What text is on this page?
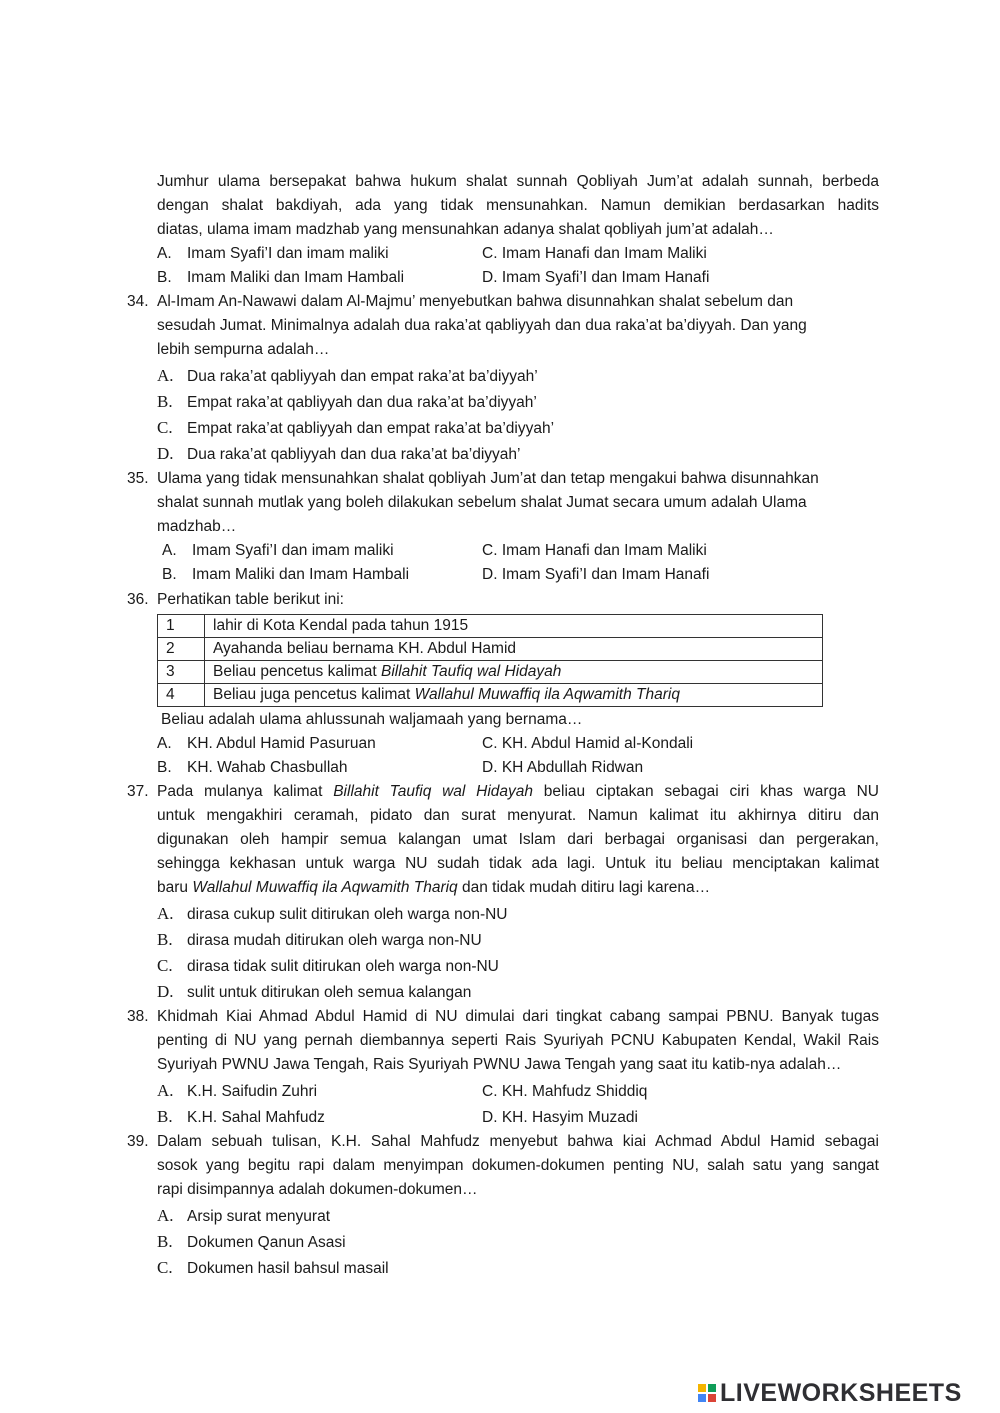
Jumhur ulama bersepakat bahwa hukum shalat sunnah Qobliyah Jum’at adalah sunnah, berbeda
dengan shalat bakdiyah, ada yang tidak mensunahkan. Namun demikian berdasarkan hadits
diatas, ulama imam madzhab yang mensunahkan adanya shalat qobliyah jum’at adalah…
A. Imam Syafi’I dan imam maliki	C. Imam Hanafi dan Imam Maliki
B. Imam Maliki dan Imam Hambali	D. Imam Syafi’I dan Imam Hanafi
34. Al-Imam An-Nawawi dalam Al-Majmu’ menyebutkan bahwa disunnahkan shalat sebelum dan
sesudah Jumat. Minimalnya adalah dua raka’at qabliyyah dan dua raka’at ba’diyyah. Dan yang
lebih sempurna adalah…
A. Dua raka’at qabliyyah dan empat raka’at ba’diyyah’
B. Empat raka’at qabliyyah dan dua raka’at ba’diyyah’
C. Empat raka’at qabliyyah dan empat raka’at ba’diyyah’
D. Dua raka’at qabliyyah dan dua raka’at ba’diyyah’
35. Ulama yang tidak mensunahkan shalat qobliyah Jum’at dan tetap mengakui bahwa disunnahkan
shalat sunnah mutlak yang boleh dilakukan sebelum shalat Jumat secara umum adalah Ulama
madzhab…
A. Imam Syafi’I dan imam maliki	C. Imam Hanafi dan Imam Maliki
B. Imam Maliki dan Imam Hambali	D. Imam Syafi’I dan Imam Hanafi
36. Perhatikan table berikut ini:
1	lahir di Kota Kendal pada tahun 1915
2	Ayahanda beliau bernama KH. Abdul Hamid
3	Beliau pencetus kalimat Billahit Taufiq wal Hidayah
4	Beliau juga pencetus kalimat Wallahul Muwaffiq ila Aqwamith Thariq
Beliau adalah ulama ahlussunah waljamaah yang bernama…
A. KH. Abdul Hamid Pasuruan	C. KH. Abdul Hamid al-Kondali
B. KH. Wahab Chasbullah	D. KH Abdullah Ridwan
37. Pada mulanya kalimat Billahit Taufiq wal Hidayah beliau ciptakan sebagai ciri khas warga NU
untuk mengakhiri ceramah, pidato dan surat menyurat. Namun kalimat itu akhirnya ditiru dan
digunakan oleh hampir semua kalangan umat Islam dari berbagai organisasi dan pergerakan,
sehingga kekhasan untuk warga NU sudah tidak ada lagi. Untuk itu beliau menciptakan kalimat
baru Wallahul Muwaffiq ila Aqwamith Thariq dan tidak mudah ditiru lagi karena…
A. dirasa cukup sulit ditirukan oleh warga non-NU
B. dirasa mudah ditirukan oleh warga non-NU
C. dirasa tidak sulit ditirukan oleh warga non-NU
D. sulit untuk ditirukan oleh semua kalangan
38. Khidmah Kiai Ahmad Abdul Hamid di NU dimulai dari tingkat cabang sampai PBNU. Banyak tugas
penting di NU yang pernah diembannya seperti Rais Syuriyah PCNU Kabupaten Kendal, Wakil Rais
Syuriyah PWNU Jawa Tengah, Rais Syuriyah PWNU Jawa Tengah yang saat itu katib-nya adalah…
A. K.H. Saifudin Zuhri	C. KH. Mahfudz Shiddiq
B. K.H. Sahal Mahfudz	D. KH. Hasyim Muzadi
39. Dalam sebuah tulisan, K.H. Sahal Mahfudz menyebut bahwa kiai Achmad Abdul Hamid sebagai
sosok yang begitu rapi dalam menyimpan dokumen-dokumen penting NU, salah satu yang sangat
rapi disimpannya adalah dokumen-dokumen…
A. Arsip surat menyurat
B. Dokumen Qanun Asasi
C. Dokumen hasil bahsul masail
LIVEWORKSHEETS
